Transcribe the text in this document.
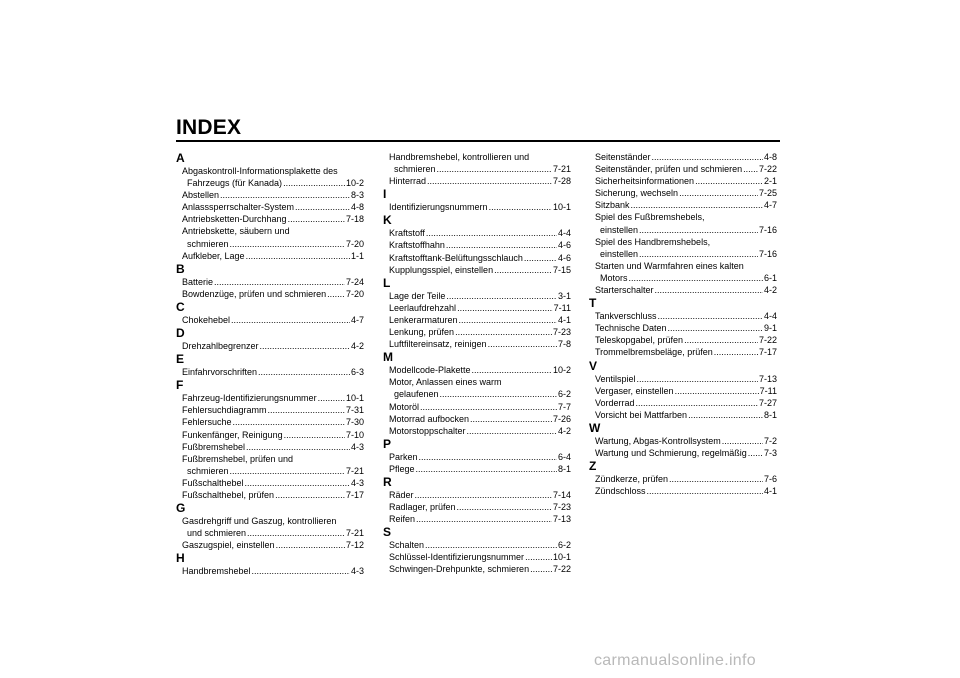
INDEX
A
Abgaskontroll-Informationsplakette des
Fahrzeugs (für Kanada) .....	10-2
Abstellen .....	8-3
Anlasssperrschalter-System .....	4-8
Antriebsketten-Durchhang .....	7-18
Antriebskette, säubern und
schmieren .....	7-20
Aufkleber, Lage .....	1-1
B
Batterie .....	7-24
Bowdenzüge, prüfen und schmieren ..... 7-20
C
Chokehebel .....	4-7
D
Drehzahlbegrenzer .....	4-2
E
Einfahrvorschriften .....	6-3
F
Fahrzeug-Identifizierungsnummer .....	10-1
Fehlersuchdiagramm .....	7-31
Fehlersuche .....	7-30
Funkenfänger, Reinigung .....	7-10
Fußbremshebel .....	4-3
Fußbremshebel, prüfen und
schmieren .....	7-21
Fußschalthebel .....	4-3
Fußschalthebel, prüfen .....	7-17
G
Gasdrehgriff und Gaszug, kontrollieren
und schmieren .....	7-21
Gaszugspiel, einstellen .....	7-12
H
Handbremshebel .....	4-3
Handbremshebel, kontrollieren und
schmieren .....	7-21
Hinterrad .....	7-28
I
Identifizierungsnummern .....	10-1
K
Kraftstoff .....	4-4
Kraftstoffhahn .....	4-6
Kraftstofftank-Belüftungsschlauch .....	4-6
Kupplungsspiel, einstellen .....	7-15
L
Lage der Teile .....	3-1
Leerlaufdrehzahl .....	7-11
Lenkerarmaturen .....	4-1
Lenkung, prüfen .....	7-23
Luftfiltereinsatz, reinigen .....	7-8
M
Modellcode-Plakette .....	10-2
Motor, Anlassen eines warm
gelaufenen .....	6-2
Motoröl .....	7-7
Motorrad aufbocken .....	7-26
Motorstoppschalter .....	4-2
P
Parken .....	6-4
Pflege .....	8-1
R
Räder .....	7-14
Radlager, prüfen .....	7-23
Reifen .....	7-13
S
Schalten .....	6-2
Schlüssel-Identifizierungsnummer .....	10-1
Schwingen-Drehpunkte, schmieren .....	7-22
Seitenständer .....	4-8
Seitenständer, prüfen und schmieren ..... 7-22
Sicherheitsinformationen .....	2-1
Sicherung, wechseln .....	7-25
Sitzbank .....	4-7
Spiel des Fußbremshebels,
einstellen .....	7-16
Spiel des Handbremshebels,
einstellen .....	7-16
Starten und Warmfahren eines kalten
Motors .....	6-1
Starterschalter .....	4-2
T
Tankverschluss .....	4-4
Technische Daten .....	9-1
Teleskopgabel, prüfen .....	7-22
Trommelbremsbeläge, prüfen .....	7-17
V
Ventilspiel .....	7-13
Vergaser, einstellen .....	7-11
Vorderrad .....	7-27
Vorsicht bei Mattfarben .....	8-1
W
Wartung, Abgas-Kontrollsystem .....	7-2
Wartung und Schmierung, regelmäßig ..... 7-3
Z
Zündkerze, prüfen .....	7-6
Zündschloss .....	4-1
carmanualsonline.info
